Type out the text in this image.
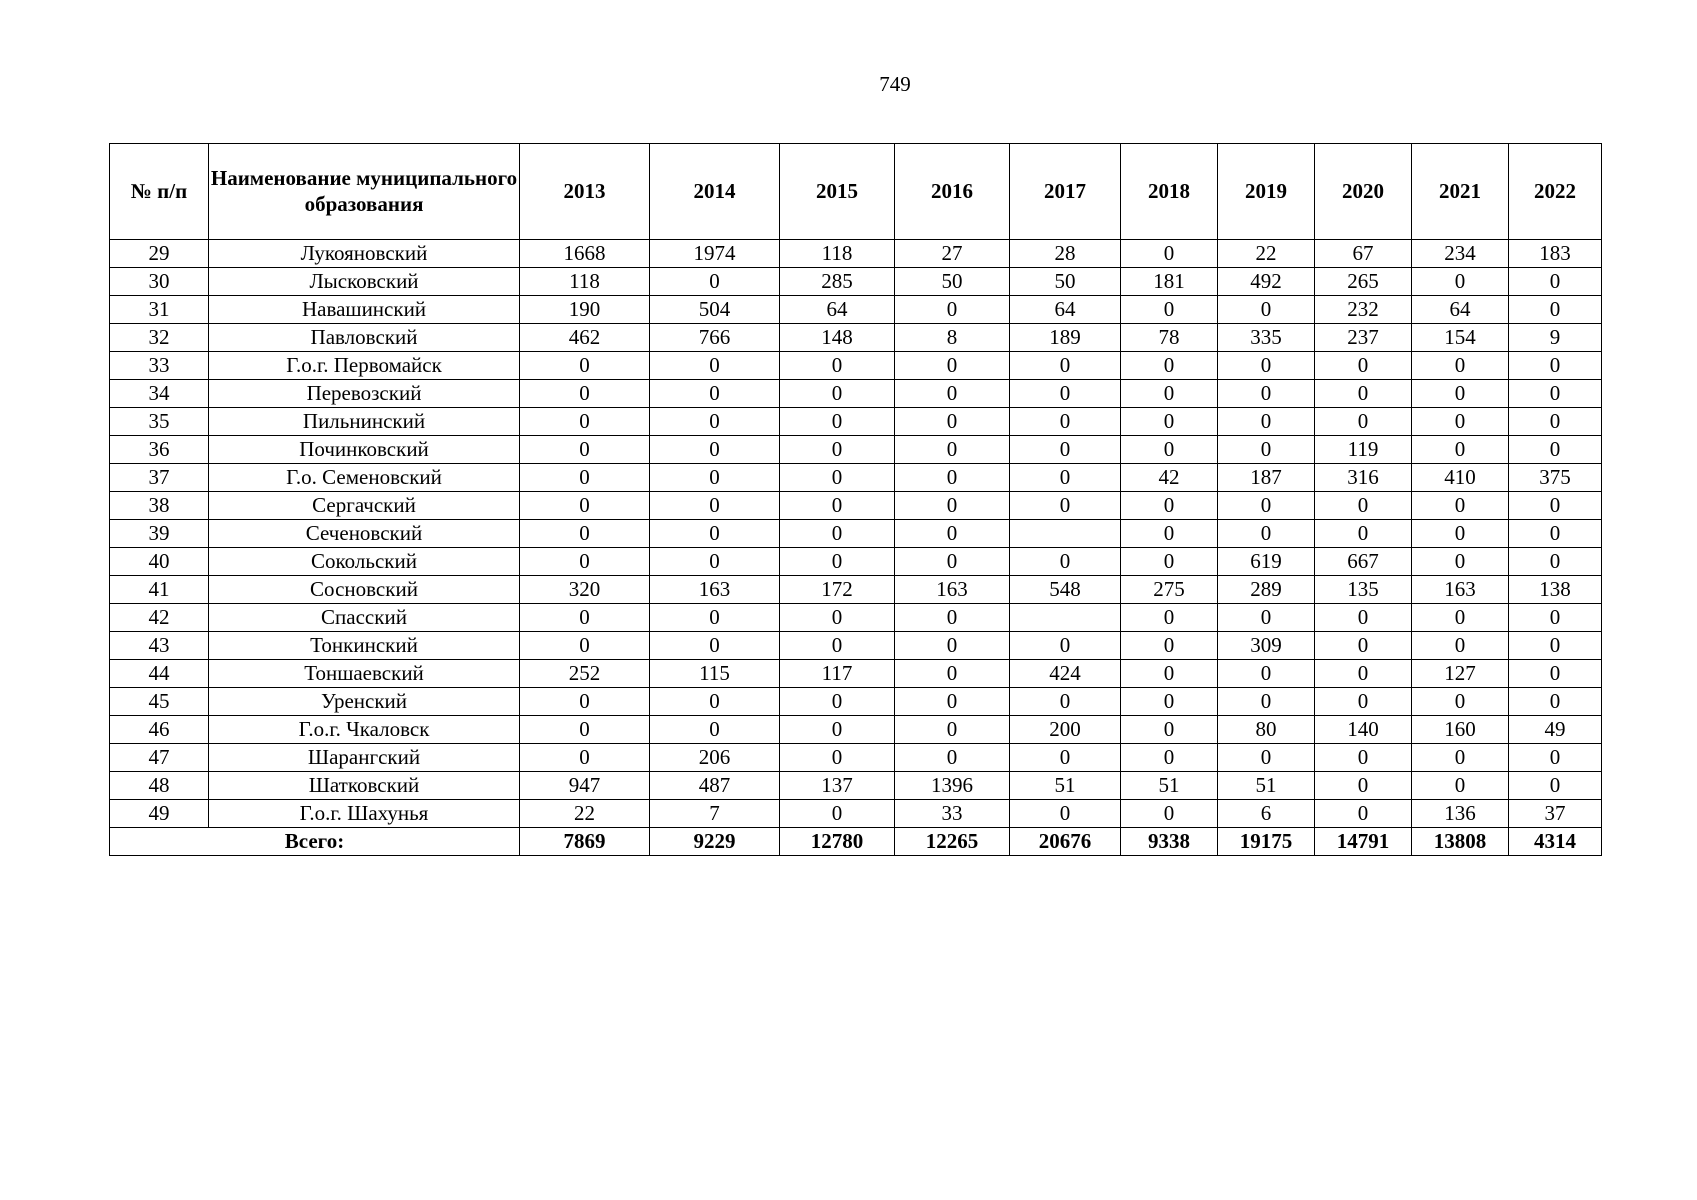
749
№ п/п	Наименование муниципального образования	2013	2014	2015	2016	2017	2018	2019	2020	2021	2022
29	Лукояновский	1668	1974	118	27	28	0	22	67	234	183
30	Лысковский	118	0	285	50	50	181	492	265	0	0
31	Навашинский	190	504	64	0	64	0	0	232	64	0
32	Павловский	462	766	148	8	189	78	335	237	154	9
33	Г.о.г. Первомайск	0	0	0	0	0	0	0	0	0	0
34	Перевозский	0	0	0	0	0	0	0	0	0	0
35	Пильнинский	0	0	0	0	0	0	0	0	0	0
36	Починковский	0	0	0	0	0	0	0	119	0	0
37	Г.о. Семеновский	0	0	0	0	0	42	187	316	410	375
38	Сергачский	0	0	0	0	0	0	0	0	0	0
39	Сеченовский	0	0	0	0		0	0	0	0	0
40	Сокольский	0	0	0	0	0	0	619	667	0	0
41	Сосновский	320	163	172	163	548	275	289	135	163	138
42	Спасский	0	0	0	0		0	0	0	0	0
43	Тонкинский	0	0	0	0	0	0	309	0	0	0
44	Тоншаевский	252	115	117	0	424	0	0	0	127	0
45	Уренский	0	0	0	0	0	0	0	0	0	0
46	Г.о.г. Чкаловск	0	0	0	0	200	0	80	140	160	49
47	Шарангский	0	206	0	0	0	0	0	0	0	0
48	Шатковский	947	487	137	1396	51	51	51	0	0	0
49	Г.о.г. Шахунья	22	7	0	33	0	0	6	0	136	37
Всего:		7869	9229	12780	12265	20676	9338	19175	14791	13808	4314
